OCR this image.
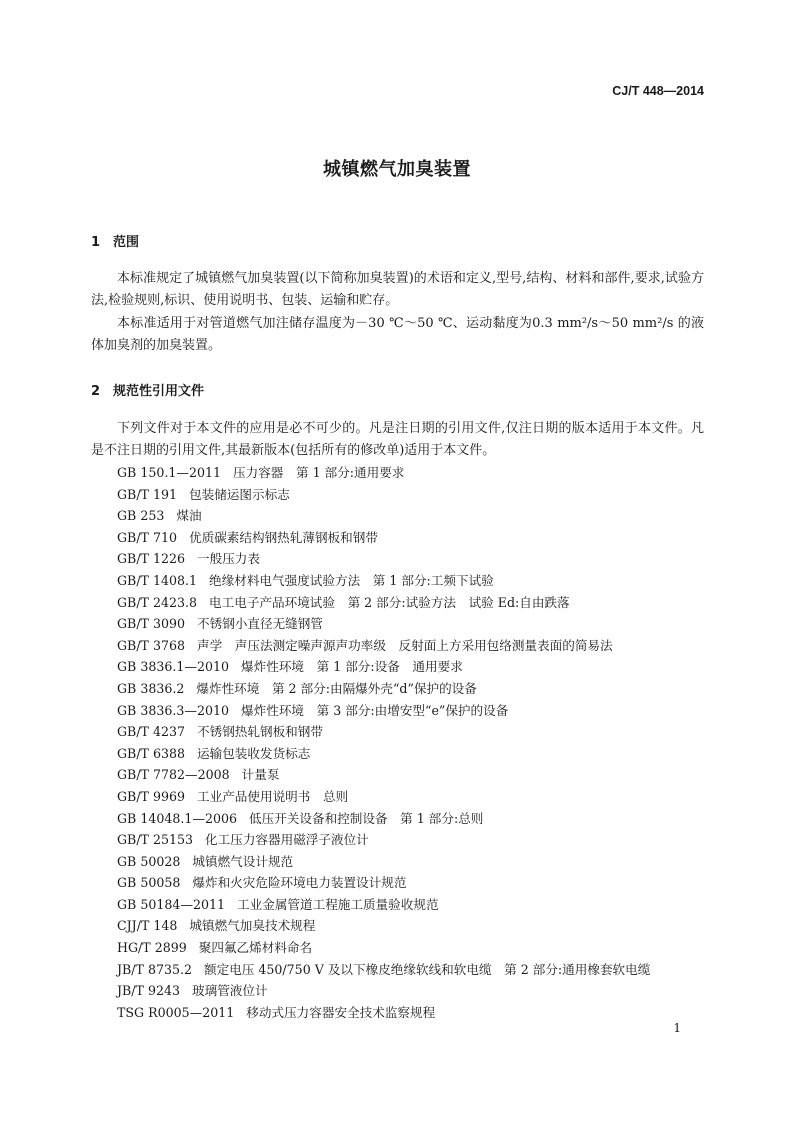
CJ/T 448—2014
城镇燃气加臭装置
1 范围

本标准规定了城镇燃气加臭装置(以下简称加臭装置)的术语和定义,型号,结构、材料和部件,要求,试验方法,检验规则,标识、使用说明书、包装、运输和贮存。

本标准适用于对管道燃气加注储存温度为－30 ℃～50 ℃、运动黏度为0.3 mm²/s～50 mm²/s 的液体加臭剂的加臭装置。

2 规范性引用文件

下列文件对于本文件的应用是必不可少的。凡是注日期的引用文件,仅注日期的版本适用于本文件。凡是不注日期的引用文件,其最新版本(包括所有的修改单)适用于本文件。

GB 150.1—2011 压力容器　第 1 部分:通用要求
GB/T 191 包装储运图示标志
GB 253 煤油
GB/T 710 优质碳素结构钢热轧薄钢板和钢带
GB/T 1226 一般压力表
GB/T 1408.1 绝缘材料电气强度试验方法　第 1 部分:工频下试验
GB/T 2423.8 电工电子产品环境试验　第 2 部分:试验方法　试验 Ed:自由跌落
GB/T 3090 不锈钢小直径无缝钢管
GB/T 3768 声学　声压法测定噪声源声功率级　反射面上方采用包络测量表面的简易法
GB 3836.1—2010 爆炸性环境　第 1 部分:设备　通用要求
GB 3836.2 爆炸性环境　第 2 部分:由隔爆外壳“d”保护的设备
GB 3836.3—2010 爆炸性环境　第 3 部分:由增安型“e”保护的设备
GB/T 4237 不锈钢热轧钢板和钢带
GB/T 6388 运输包装收发货标志
GB/T 7782—2008 计量泵
GB/T 9969 工业产品使用说明书　总则
GB 14048.1—2006 低压开关设备和控制设备　第 1 部分:总则
GB/T 25153 化工压力容器用磁浮子液位计
GB 50028 城镇燃气设计规范
GB 50058 爆炸和火灾危险环境电力装置设计规范
GB 50184—2011 工业金属管道工程施工质量验收规范
CJJ/T 148 城镇燃气加臭技术规程
HG/T 2899 聚四氟乙烯材料命名
JB/T 8735.2 额定电压 450/750 V 及以下橡皮绝缘软线和软电缆　第 2 部分:通用橡套软电缆
JB/T 9243 玻璃管液位计
TSG R0005—2011 移动式压力容器安全技术监察规程
1
